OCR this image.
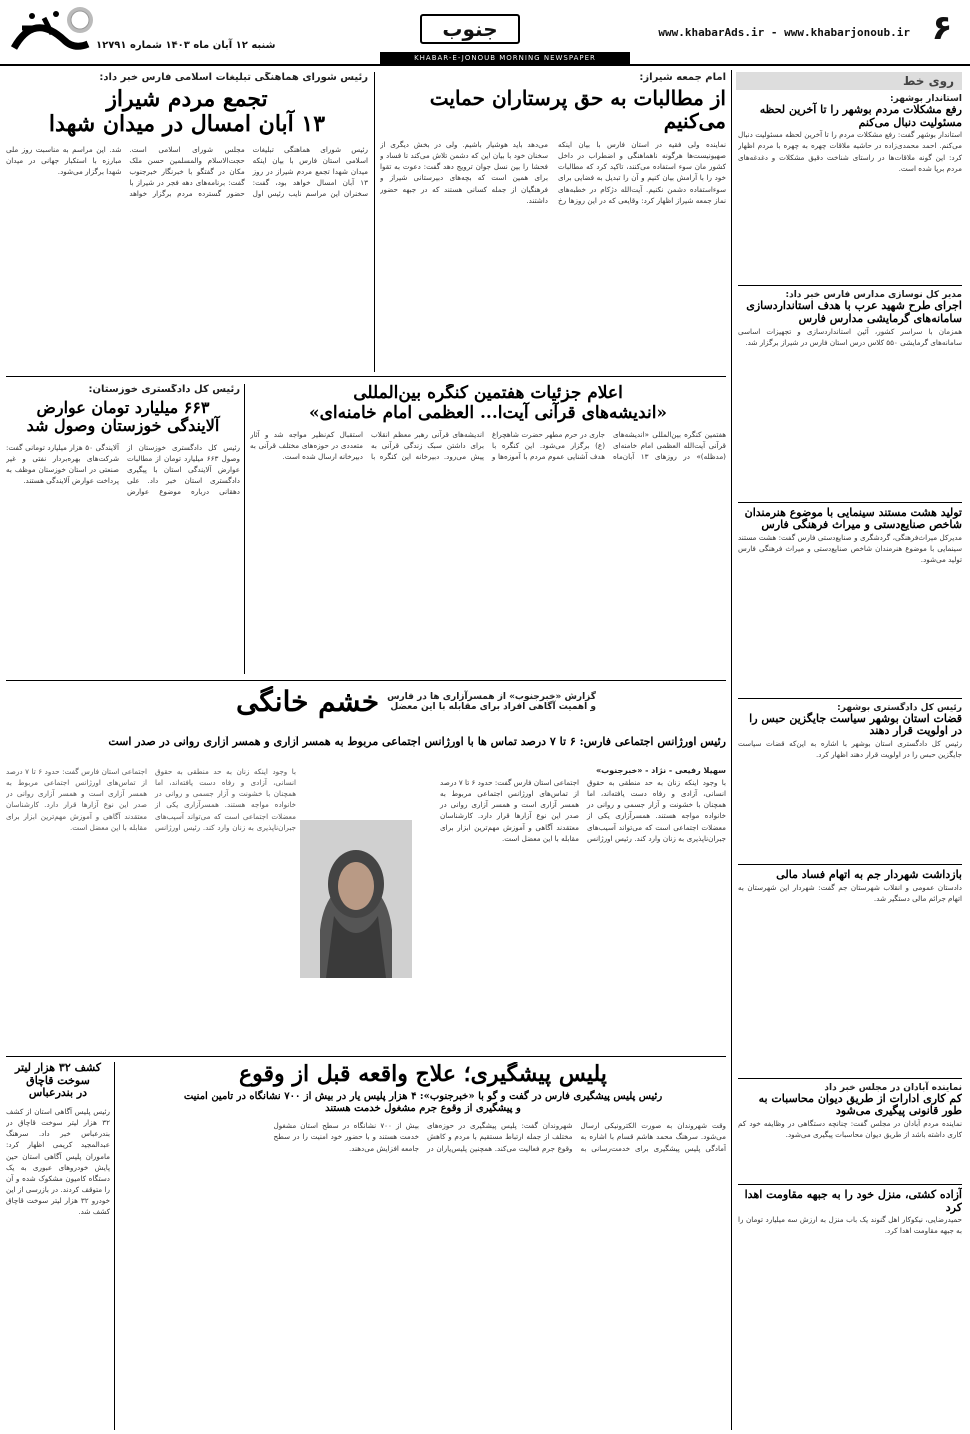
۶
www.khabarAds.ir - www.khabarjonoub.ir
جنوب
KHABAR-E-JONOUB MORNING NEWSPAPER
شنبه ۱۲ آبان ماه ۱۴۰۳ شماره ۱۲۷۹۱
روی خط
استاندار بوشهر:
رفع مشکلات مردم بوشهر را تا آخرین لحظه مسئولیت دنبال می‌کنم
استاندار بوشهر گفت: رفع مشکلات مردم را تا آخرین لحظه مسئولیت دنبال می‌کنم. احمد محمدی‌زاده در حاشیه ملاقات چهره به چهره با مردم اظهار کرد: این گونه ملاقات‌ها در راستای شناخت دقیق مشکلات و دغدغه‌های مردم برپا شده است.
مدیر کل نوسازی مدارس فارس خبر داد:
اجرای طرح شهید عرب با هدف استانداردسازی سامانه‌های گرمایشی مدارس فارس
همزمان با سراسر کشور، آئین استانداردسازی و تجهیزات اساسی سامانه‌های گرمایشی ۵۵۰ کلاس درس استان فارس در شیراز برگزار شد.
تولید هشت مستند سینمایی با موضوع هنرمندان شاخص صنایع‌دستی و میراث فرهنگی فارس
مدیرکل میراث‌فرهنگی، گردشگری و صنایع‌دستی فارس گفت: هشت مستند سینمایی با موضوع هنرمندان شاخص صنایع‌دستی و میراث فرهنگی فارس تولید می‌شود.
رئیس کل دادگستری بوشهر:
قضات استان بوشهر سیاست جایگزین حبس را در اولویت قرار دهند
رئیس کل دادگستری استان بوشهر با اشاره به این‌که قضات سیاست جایگزین حبس را در اولویت قرار دهند اظهار کرد.
بازداشت شهردار جم به اتهام فساد مالی
دادستان عمومی و انقلاب شهرستان جم گفت: شهردار این شهرستان به اتهام جرائم مالی دستگیر شد.
نماینده آبادان در مجلس خبر داد
کم کاری ادارات از طریق دیوان محاسبات به طور قانونی پیگیری می‌شود
نماینده مردم آبادان در مجلس گفت: چنانچه دستگاهی در وظایفه خود کم کاری داشته باشد از طریق دیوان محاسبات پیگیری می‌شود.
آزاده کشتی، منزل خود را به جبهه مقاومت اهدا کرد
حمیدرضایی، نیکوکار اهل گنوند یک باب منزل به ارزش سه میلیارد تومان را به جبهه مقاومت اهدا کرد.
امام جمعه شیراز:
از مطالبات به حق پرستاران حمایت می‌کنیم
نماینده ولی فقیه در استان فارس با بیان اینکه صهیونیست‌ها هرگونه ناهماهنگی و اضطراب در داخل کشور مان سوء استفاده می‌کنند، تاکید کرد که مطالبات خود را با آرامش بیان کنیم و آن را تبدیل به فضایی برای سوءاستفاده دشمن نکنیم. آیت‌الله دژکام در خطبه‌های نماز جمعه شیراز اظهار کرد: وقایعی که در این روزها رخ می‌دهد باید هوشیار باشیم. ولی در بخش دیگری از سخنان خود با بیان این که دشمن تلاش می‌کند تا فساد و فحشا را بین نسل جوان ترویج دهد گفت: دعوت به تقوا برای همین است که بچه‌های دبیرستانی شیراز و فرهنگیان از جمله کسانی هستند که در جبهه حضور داشتند.
رئیس شورای هماهنگی تبلیغات اسلامی فارس خبر داد:
تجمع مردم شیراز
۱۳ آبان امسال در میدان شهدا
رئیس شورای هماهنگی تبلیغات اسلامی استان فارس با بیان اینکه میدان شهدا تجمع مردم شیراز در روز ۱۳ آبان امسال خواهد بود، گفت: سخنران این مراسم نایب رئیس اول مجلس شورای اسلامی است. حجت‌الاسلام والمسلمین حسن ملک مکان در گفتگو با خبرنگار خبرجنوب گفت: برنامه‌های دهه فجر در شیراز با حضور گسترده مردم برگزار خواهد شد. این مراسم به مناسبت روز ملی مبارزه با استکبار جهانی در میدان شهدا برگزار می‌شود.
اعلام جزئیات هفتمین کنگره بین‌المللی
«اندیشه‌های قرآنی آیت‌ا... العظمی امام خامنه‌ای»
هفتمین کنگره بین‌المللی «اندیشه‌های قرآنی آیت‌الله العظمی امام خامنه‌ای (مدظله)» در روزهای ۱۳ آبان‌ماه جاری در حرم مطهر حضرت شاهچراغ (ع) برگزار می‌شود. این کنگره با هدف آشنایی عموم مردم با آموزه‌ها و اندیشه‌های قرآنی رهبر معظم انقلاب برای داشتن سبک زندگی قرآنی به پیش می‌رود. دبیرخانه این کنگره با استقبال کم‌نظیر مواجه شد و آثار متعددی در حوزه‌های مختلف قرآنی به دبیرخانه ارسال شده است.
رئیس کل دادگستری خوزستان:
۶۶۳ میلیارد تومان عوارض
آلایندگی خوزستان وصول شد
رئیس کل دادگستری خوزستان از وصول ۶۶۳ میلیارد تومان از مطالبات عوارض آلایندگی استان با پیگیری دادگستری استان خبر داد. علی دهقانی درباره موضوع عوارض آلایندگی ۵۰ هزار میلیارد تومانی گفت: شرکت‌های بهره‌بردار نفتی و غیر صنعتی در استان خوزستان موظف به پرداخت عوارض آلایندگی هستند.
خشم خانگی گزارش «خبرجنوب» از همسرآزاری ها در فارس و اهمیت آگاهی افراد برای مقابله با این معضل
رئیس اورژانس اجتماعی فارس: ۶ تا ۷ درصد تماس ها با اورژانس اجتماعی مربوط به همسر آزاری و همسر آزاری روانی در صدر است
سهیلا رفیعی - نژاد - «خبرجنوب»
با وجود اینکه زنان به حد منطقی به حقوق انسانی، آزادی و رفاه دست یافته‌اند، اما همچنان با خشونت و آزار جسمی و روانی در خانواده مواجه هستند. همسرآزاری یکی از معضلات اجتماعی است که می‌تواند آسیب‌های جبران‌ناپذیری به زنان وارد کند. رئیس اورژانس اجتماعی استان فارس گفت: حدود ۶ تا ۷ درصد از تماس‌های اورژانس اجتماعی مربوط به همسر آزاری است و همسر آزاری روانی در صدر این نوع آزارها قرار دارد. کارشناسان معتقدند آگاهی و آموزش مهم‌ترین ابزار برای مقابله با این معضل است.
با وجود اینکه زنان به حد منطقی به حقوق انسانی، آزادی و رفاه دست یافته‌اند، اما همچنان با خشونت و آزار جسمی و روانی در خانواده مواجه هستند. همسرآزاری یکی از معضلات اجتماعی است که می‌تواند آسیب‌های جبران‌ناپذیری به زنان وارد کند. رئیس اورژانس اجتماعی استان فارس گفت: حدود ۶ تا ۷ درصد از تماس‌های اورژانس اجتماعی مربوط به همسر آزاری است و همسر آزاری روانی در صدر این نوع آزارها قرار دارد. کارشناسان معتقدند آگاهی و آموزش مهم‌ترین ابزار برای مقابله با این معضل است.
پلیس پیشگیری؛ علاج واقعه قبل از وقوع
رئیس پلیس پیشگیری فارس در گفت و گو با «خبرجنوب»: ۴ هزار پلیس یار در بیش از ۷۰۰ نشانگاه در تامین امنیت
و پیشگیری از وقوع جرم مشغول خدمت هستند
وقت شهروندان به صورت الکترونیکی ارسال می‌شود. سرهنگ محمد هاشم قسام با اشاره به آمادگی پلیس پیشگیری برای خدمت‌رسانی به شهروندان گفت: پلیس پیشگیری در حوزه‌های مختلف از جمله ارتباط مستقیم با مردم و کاهش وقوع جرم فعالیت می‌کند. همچنین پلیس‌یاران در بیش از ۷۰۰ نشانگاه در سطح استان مشغول خدمت هستند و با حضور خود امنیت را در سطح جامعه افزایش می‌دهند.
کشف ۳۲ هزار لیتر سوخت قاچاق
در بندرعباس
رئیس پلیس آگاهی استان از کشف ۳۲ هزار لیتر سوخت قاچاق در بندرعباس خبر داد. سرهنگ عبدالمجید کریمی اظهار کرد: ماموران پلیس آگاهی استان حین پایش خودروهای عبوری به یک دستگاه کامیون مشکوک شده و آن را متوقف کردند. در بازرسی از این خودرو ۳۲ هزار لیتر سوخت قاچاق کشف شد.
